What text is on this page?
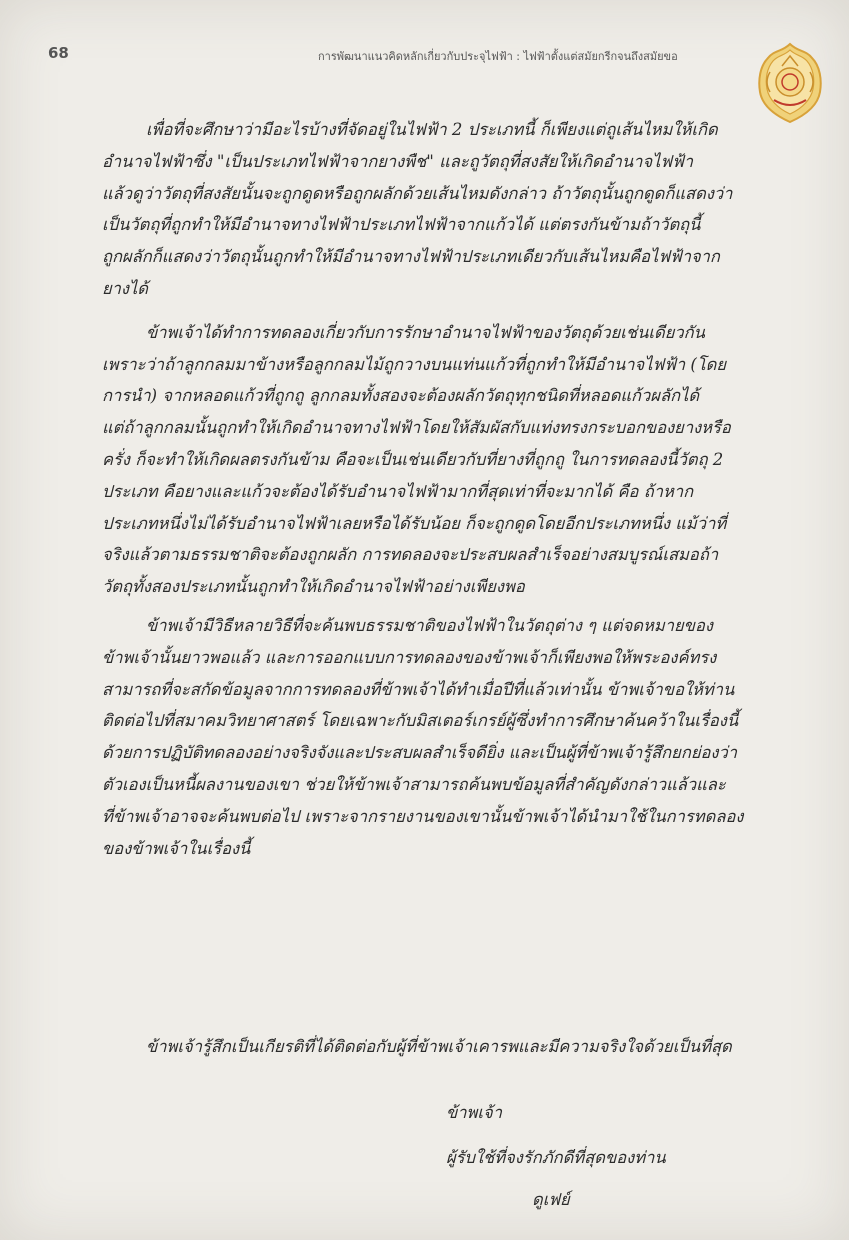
68	การพัฒนาแนวคิดหลักเกี่ยวกับประจุไฟฟ้า : ไฟฟ้าตั้งแต่สมัยกรีกจนถึงสมัยขอ

เพื่อที่จะศึกษาว่ามีอะไรบ้างที่จัดอยู่ในไฟฟ้า 2 ประเภทนี้ ก็เพียงแต่ถูเส้นไหมให้เกิด
อำนาจไฟฟ้าซึ่ง "เป็นประเภทไฟฟ้าจากยางพืช" และถูวัตถุที่สงสัยให้เกิดอำนาจไฟฟ้า
แล้วดูว่าวัตถุที่สงสัยนั้นจะถูกดูดหรือถูกผลักด้วยเส้นไหมดังกล่าว ถ้าวัตถุนั้นถูกดูดก็แสดงว่า
เป็นวัตถุที่ถูกทำให้มีอำนาจทางไฟฟ้าประเภทไฟฟ้าจากแก้วได้ แต่ตรงกันข้ามถ้าวัตถุนี้
ถูกผลักก็แสดงว่าวัตถุนั้นถูกทำให้มีอำนาจทางไฟฟ้าประเภทเดียวกับเส้นไหมคือไฟฟ้าจาก
ยางได้

ข้าพเจ้าได้ทำการทดลองเกี่ยวกับการรักษาอำนาจไฟฟ้าของวัตถุด้วยเช่นเดียวกัน
เพราะว่าถ้าลูกกลมมาข้างหรือลูกกลมไม้ถูกวางบนแท่นแก้วที่ถูกทำให้มีอำนาจไฟฟ้า (โดย
การนำ) จากหลอดแก้วที่ถูกถู ลูกกลมทั้งสองจะต้องผลักวัตถุทุกชนิดที่หลอดแก้วผลักได้
แต่ถ้าลูกกลมนั้นถูกทำให้เกิดอำนาจทางไฟฟ้าโดยให้สัมผัสกับแท่งทรงกระบอกของยางหรือ
ครั่ง ก็จะทำให้เกิดผลตรงกันข้าม คือจะเป็นเช่นเดียวกับที่ยางที่ถูกถู ในการทดลองนี้วัตถุ 2
ประเภท คือยางและแก้วจะต้องได้รับอำนาจไฟฟ้ามากที่สุดเท่าที่จะมากได้ คือ ถ้าหาก
ประเภทหนึ่งไม่ได้รับอำนาจไฟฟ้าเลยหรือได้รับน้อย ก็จะถูกดูดโดยอีกประเภทหนึ่ง แม้ว่าที่
จริงแล้วตามธรรมชาติจะต้องถูกผลัก การทดลองจะประสบผลสำเร็จอย่างสมบูรณ์เสมอถ้า
วัตถุทั้งสองประเภทนั้นถูกทำให้เกิดอำนาจไฟฟ้าอย่างเพียงพอ

ข้าพเจ้ามีวิธีหลายวิธีที่จะค้นพบธรรมชาติของไฟฟ้าในวัตถุต่าง ๆ แต่จดหมายของ
ข้าพเจ้านั้นยาวพอแล้ว และการออกแบบการทดลองของข้าพเจ้าก็เพียงพอให้พระองค์ทรง
สามารถที่จะสกัดข้อมูลจากการทดลองที่ข้าพเจ้าได้ทำเมื่อปีที่แล้วเท่านั้น ข้าพเจ้าขอให้ท่าน
ติดต่อไปที่สมาคมวิทยาศาสตร์ โดยเฉพาะกับมิสเตอร์เกรย์ผู้ซึ่งทำการศึกษาค้นคว้าในเรื่องนี้
ด้วยการปฏิบัติทดลองอย่างจริงจังและประสบผลสำเร็จดียิ่ง และเป็นผู้ที่ข้าพเจ้ารู้สึกยกย่องว่า
ตัวเองเป็นหนี้ผลงานของเขา ช่วยให้ข้าพเจ้าสามารถค้นพบข้อมูลที่สำคัญดังกล่าวแล้วและ
ที่ข้าพเจ้าอาจจะค้นพบต่อไป เพราะจากรายงานของเขานั้นข้าพเจ้าได้นำมาใช้ในการทดลอง
ของข้าพเจ้าในเรื่องนี้

ข้าพเจ้ารู้สึกเป็นเกียรติที่ได้ติดต่อกับผู้ที่ข้าพเจ้าเคารพและมีความจริงใจด้วยเป็นที่สุด
ข้าพเจ้า
ผู้รับใช้ที่จงรักภักดีที่สุดของท่าน
ดูเฟย์
